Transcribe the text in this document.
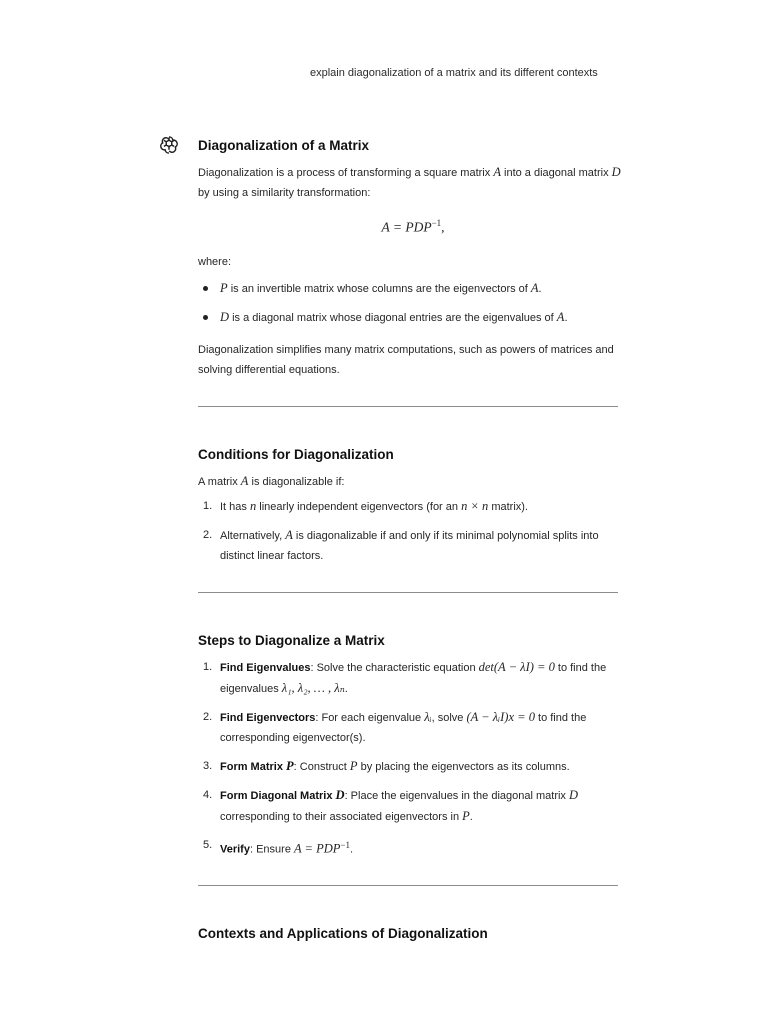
explain diagonalization of a matrix and its different contexts
Diagonalization of a Matrix

Diagonalization is a process of transforming a square matrix A into a diagonal matrix D by using a similarity transformation:

$A = PDP^{-1}$,

where:

P is an invertible matrix whose columns are the eigenvectors of A.
D is a diagonal matrix whose diagonal entries are the eigenvalues of A.

Diagonalization simplifies many matrix computations, such as powers of matrices and solving differential equations.

Conditions for Diagonalization

A matrix A is diagonalizable if:

1. It has n linearly independent eigenvectors (for an n × n matrix).
2. Alternatively, A is diagonalizable if and only if its minimal polynomial splits into distinct linear factors.
Steps to Diagonalize a Matrix
1. Find Eigenvalues: Solve the characteristic equation det(A − λI) = 0 to find the eigenvalues λ₁, λ₂, … , λₙ.
2. Find Eigenvectors: For each eigenvalue λᵢ, solve (A − λᵢI)x = 0 to find the corresponding eigenvector(s).
3. Form Matrix P: Construct P by placing the eigenvectors as its columns.
4. Form Diagonal Matrix D: Place the eigenvalues in the diagonal matrix D corresponding to their associated eigenvectors in P.
5. Verify: Ensure $A = PDP^{-1}$.
Contexts and Applications of Diagonalization
